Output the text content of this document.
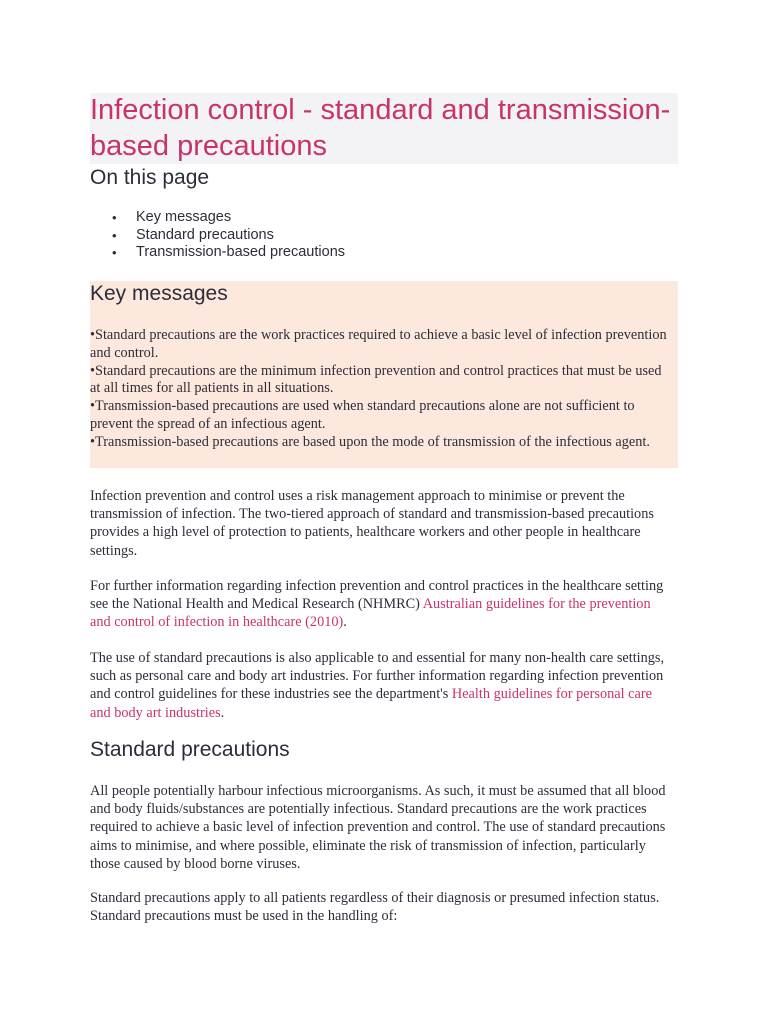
Infection control - standard and transmission-based precautions
On this page
• Key messages
• Standard precautions
• Transmission-based precautions
Key messages
•Standard precautions are the work practices required to achieve a basic level of infection prevention and control.
•Standard precautions are the minimum infection prevention and control practices that must be used at all times for all patients in all situations.
•Transmission-based precautions are used when standard precautions alone are not sufficient to prevent the spread of an infectious agent.
•Transmission-based precautions are based upon the mode of transmission of the infectious agent.

Infection prevention and control uses a risk management approach to minimise or prevent the transmission of infection. The two-tiered approach of standard and transmission-based precautions provides a high level of protection to patients, healthcare workers and other people in healthcare settings.

For further information regarding infection prevention and control practices in the healthcare setting see the National Health and Medical Research (NHMRC) Australian guidelines for the prevention and control of infection in healthcare (2010).

The use of standard precautions is also applicable to and essential for many non-health care settings, such as personal care and body art industries. For further information regarding infection prevention and control guidelines for these industries see the department's Health guidelines for personal care and body art industries.

Standard precautions

All people potentially harbour infectious microorganisms. As such, it must be assumed that all blood and body fluids/substances are potentially infectious. Standard precautions are the work practices required to achieve a basic level of infection prevention and control. The use of standard precautions aims to minimise, and where possible, eliminate the risk of transmission of infection, particularly those caused by blood borne viruses.

Standard precautions apply to all patients regardless of their diagnosis or presumed infection status. Standard precautions must be used in the handling of:
